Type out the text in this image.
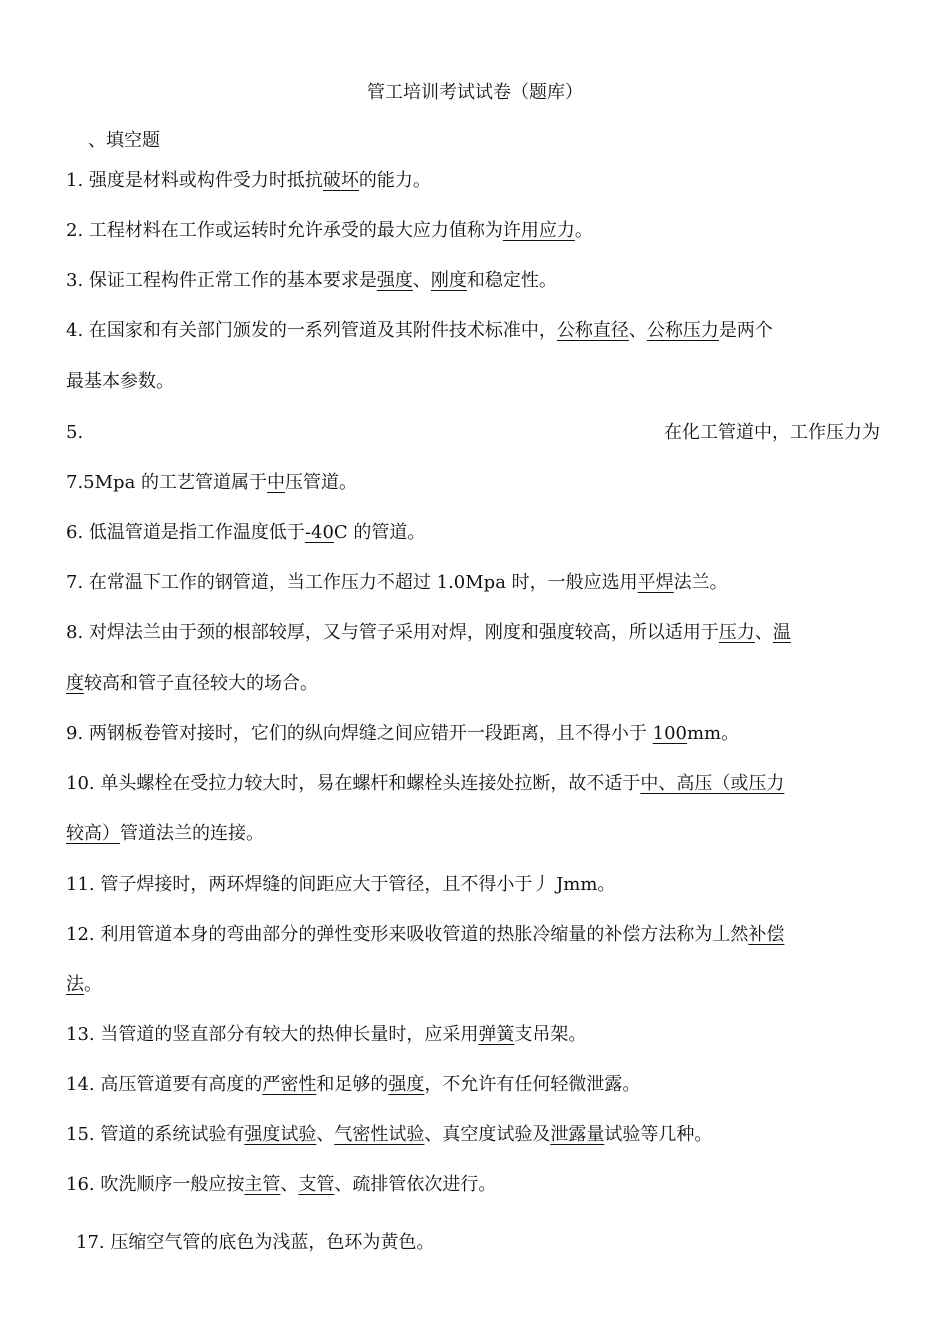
管工培训考试试卷（题库）
、填空题
1. 强度是材料或构件受力时抵抗破坏的能力。
2. 工程材料在工作或运转时允许承受的最大应力值称为许用应力。
3. 保证工程构件正常工作的基本要求是强度、刚度和稳定性。
4. 在国家和有关部门颁发的一系列管道及其附件技术标准中，公称直径、公称压力是两个
最基本参数。
5.	在化工管道中，工作压力为
7.5Mpa 的工艺管道属于中压管道。
6. 低温管道是指工作温度低于-40C 的管道。
7. 在常温下工作的钢管道，当工作压力不超过 1.0Mpa 时，一般应选用平焊法兰。
8. 对焊法兰由于颈的根部较厚，又与管子采用对焊，刚度和强度较高，所以适用于压力、温
度较高和管子直径较大的场合。
9. 两钢板卷管对接时，它们的纵向焊缝之间应错开一段距离，且不得小于 100mm。
10. 单头螺栓在受拉力较大时，易在螺杆和螺栓头连接处拉断，故不适于中、高压（或压力
较高）管道法兰的连接。
11. 管子焊接时，两环焊缝的间距应大于管径，且不得小于丿 Jmm。
12. 利用管道本身的弯曲部分的弹性变形来吸收管道的热胀冷缩量的补偿方法称为丄然补偿
法。
13. 当管道的竖直部分有较大的热伸长量时，应采用弹簧支吊架。
14. 高压管道要有高度的严密性和足够的强度，不允许有任何轻微泄露。
15. 管道的系统试验有强度试验、气密性试验、真空度试验及泄露量试验等几种。
16. 吹洗顺序一般应按主管、支管、疏排管依次进行。
17. 压缩空气管的底色为浅蓝，色环为黄色。
